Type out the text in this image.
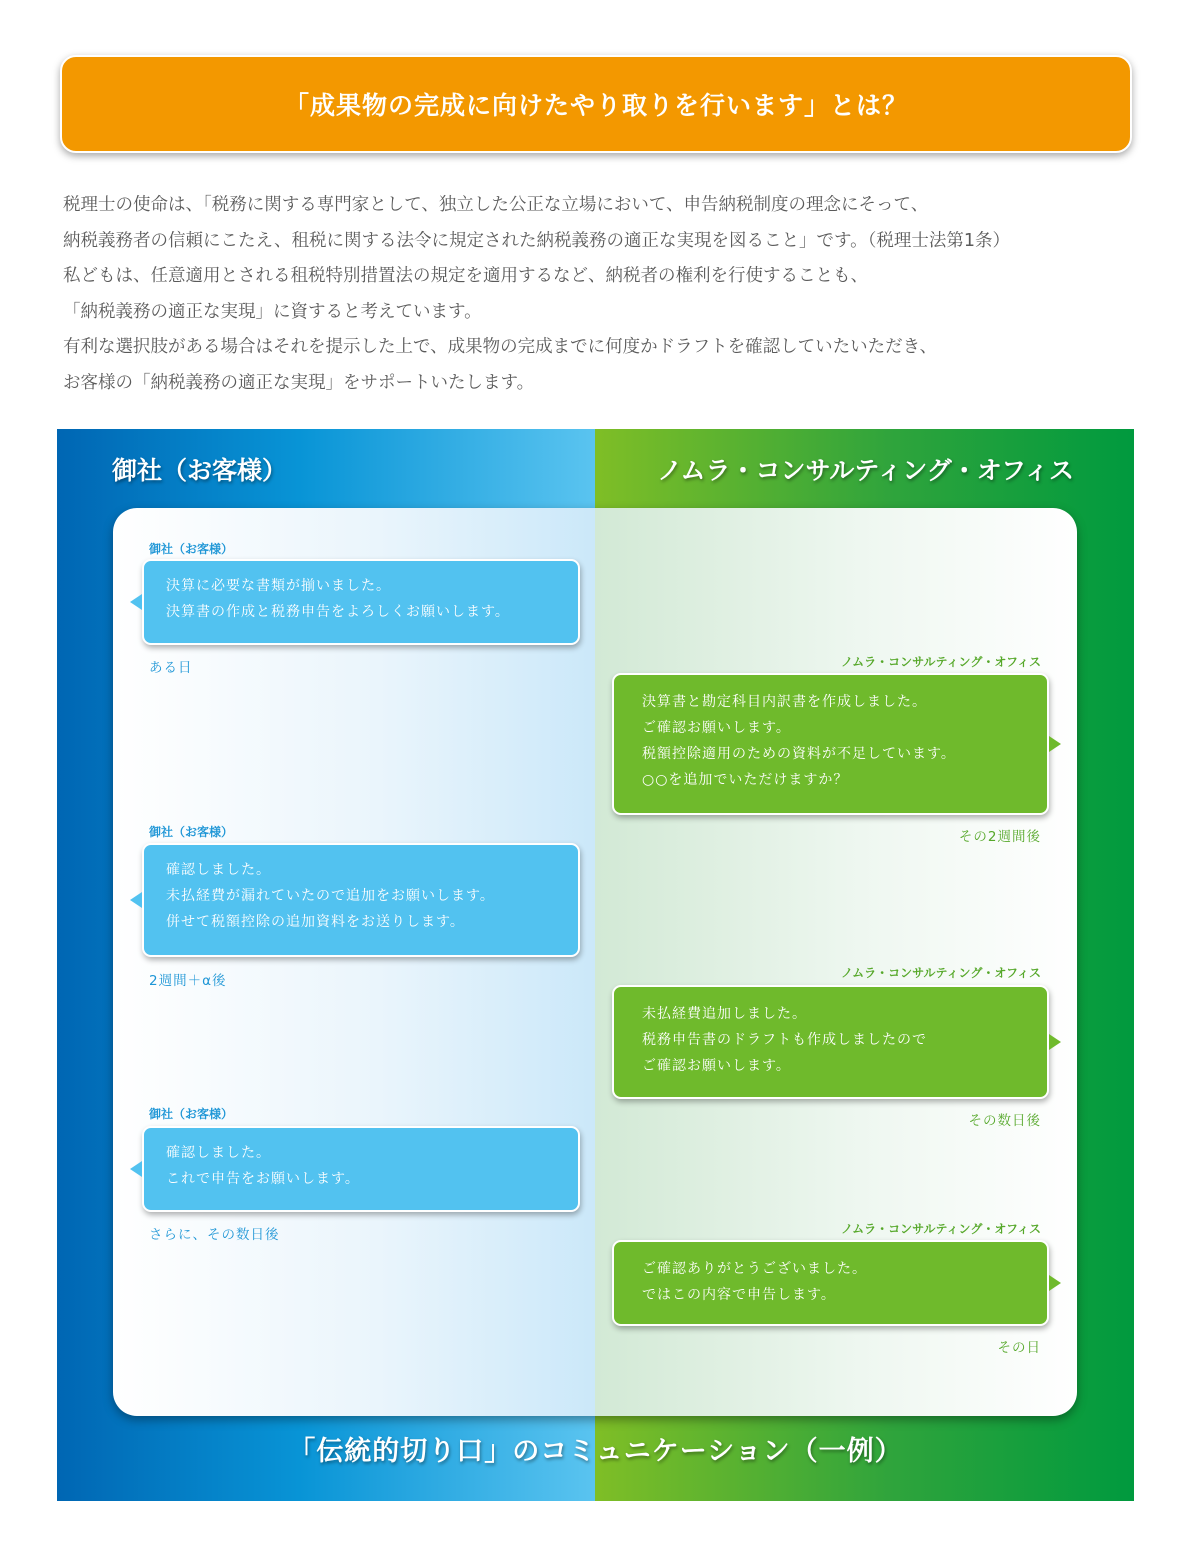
「成果物の完成に向けたやり取りを行います」とは？
税理士の使命は、「税務に関する専門家として、独立した公正な立場において、申告納税制度の理念にそって、
納税義務者の信頼にこたえ、租税に関する法令に規定された納税義務の適正な実現を図ること」です。（税理士法第1条）
私どもは、任意適用とされる租税特別措置法の規定を適用するなど、納税者の権利を行使することも、
「納税義務の適正な実現」に資すると考えています。
有利な選択肢がある場合はそれを提示した上で、成果物の完成までに何度かドラフトを確認していたいただき、
お客様の「納税義務の適正な実現」をサポートいたします。
御社（お客様）	ノムラ・コンサルティング・オフィス
御社（お客様）
決算に必要な書類が揃いました。
決算書の作成と税務申告をよろしくお願いします。
ある日	ノムラ・コンサルティング・オフィス
決算書と勘定科目内訳書を作成しました。
ご確認お願いします。
税額控除適用のための資料が不足しています。
○○を追加でいただけますか？
その2週間後
御社（お客様）
確認しました。
未払経費が漏れていたので追加をお願いします。
併せて税額控除の追加資料をお送りします。
2週間＋α後	ノムラ・コンサルティング・オフィス
未払経費追加しました。
税務申告書のドラフトも作成しましたので
ご確認お願いします。
その数日後
御社（お客様）
確認しました。
これで申告をお願いします。
さらに、その数日後	ノムラ・コンサルティング・オフィス
ご確認ありがとうございました。
ではこの内容で申告します。
その日
「伝統的切り口」のコミュニケーション（一例）
